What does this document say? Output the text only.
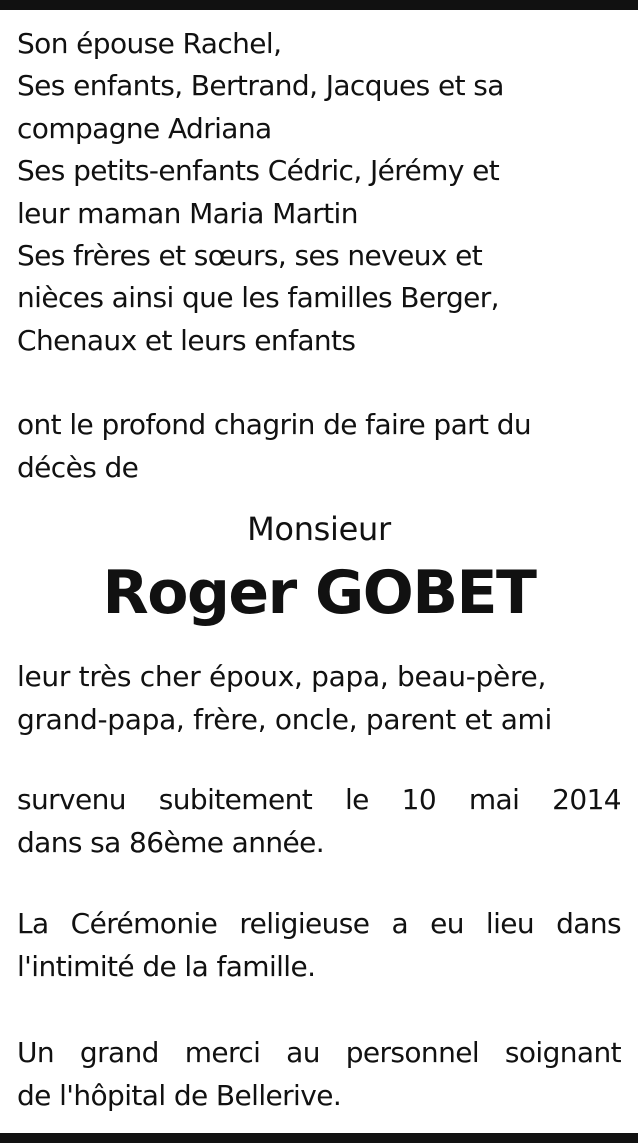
Son épouse Rachel,
Ses enfants, Bertrand, Jacques et sa
compagne Adriana
Ses petits-enfants Cédric, Jérémy et
leur maman Maria Martin
Ses frères et sœurs, ses neveux et
nièces ainsi que les familles Berger,
Chenaux et leurs enfants

ont le profond chagrin de faire part du
décès de

Monsieur

Roger GOBET

leur très cher époux, papa, beau-père,
grand-papa, frère, oncle, parent et ami

survenu subitement le 10 mai 2014
dans sa 86ème année.

La Cérémonie religieuse a eu lieu dans
l'intimité de la famille.

Un grand merci au personnel soignant
de l'hôpital de Bellerive.
